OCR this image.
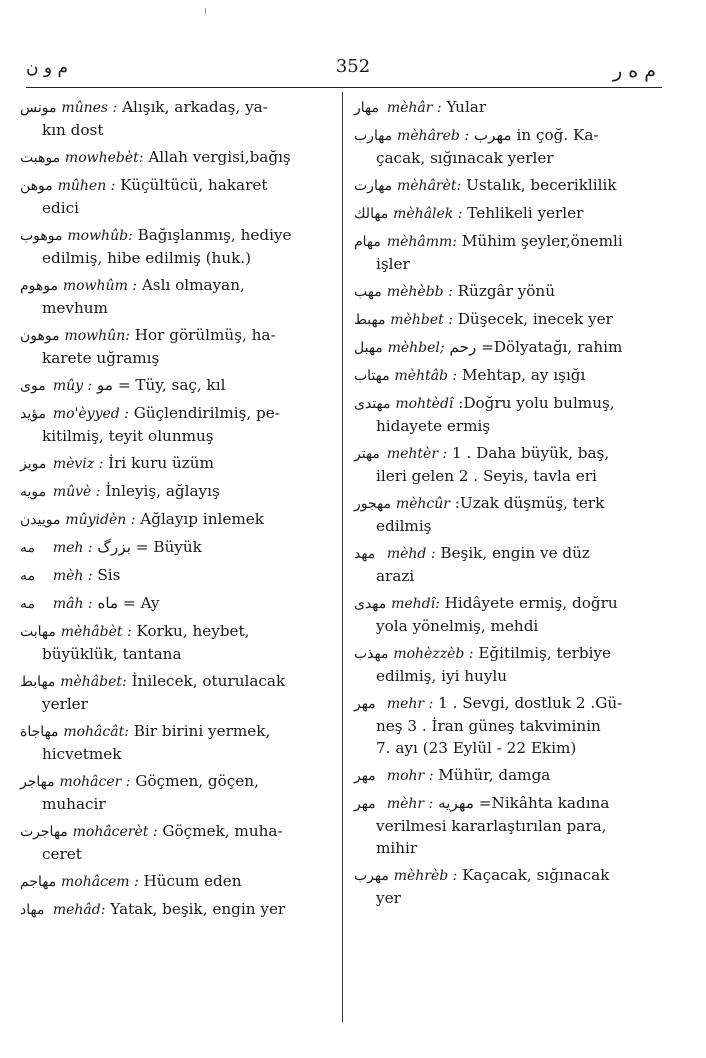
م و ن	352	م ه ر
مونس mûnes : Alışık, arkadaş, ya-
kın dost
موهبت mowhebèt: Allah vergisi,bağış
موهن mûhen : Küçültücü, hakaret
edici
موهوب mowhûb: Bağışlanmış, hediye
edilmiş, hibe edilmiş (huk.)
موهوم mowhûm : Aslı olmayan,
mevhum
موهون mowhûn: Hor görülmüş, ha-
karete uğramış
موی mûy : مو = Tüy, saç, kıl
مؤيد mo'èyyed : Güçlendirilmiş, pe-
kitilmiş, teyit olunmuş
مويز mèviz : İri kuru üzüm
مويه mûvè : İnleyiş, ağlayış
مويیدن mûyidèn : Ağlayıp inlemek
مه meh : بزرگ = Büyük
مه mèh : Sis
مه mâh : ماه = Ay
مهابت mèhâbèt : Korku, heybet,
büyüklük, tantana
مهابط mèhâbet: İnilecek, oturulacak
yerler
مهاجاة mohâcât: Bir birini yermek,
hicvetmek
مهاجر mohâcer : Göçmen, göçen,
muhacir
مهاجرت mohâcerèt : Göçmek, muha-
ceret
مهاجم mohâcem : Hücum eden
مهاد mehâd: Yatak, beşik, engin yer
مهار mèhâr : Yular
مهارب mèhâreb : مهرب in çoğ. Ka-
çacak, sığınacak yerler
مهارت mèhârèt: Ustalık, beceriklilik
مهالك mèhâlek : Tehlikeli yerler
مهام mèhâmm: Mühim şeyler,önemli
işler
مهب mèhèbb : Rüzgâr yönü
مهبط mèhbet : Düşecek, inecek yer
مهبل mèhbel; رحم =Dölyatağı, rahim
مهتاب mèhtâb : Mehtap, ay ışığı
مهتدی mohtèdî :Doğru yolu bulmuş,
hidayete ermiş
مهتر mehtèr : 1 . Daha büyük, baş,
ileri gelen 2 . Seyis, tavla eri
مهجور mèhcûr :Uzak düşmüş, terk
edilmiş
مهد mèhd : Beşik, engin ve düz
arazi
مهدی mehdî: Hidâyete ermiş, doğru
yola yönelmiş, mehdi
مهذب mohèzzèb : Eğitilmiş, terbiye
edilmiş, iyi huylu
مهر mehr : 1 . Sevgi, dostluk 2 .Gü-
neş 3 . İran güneş takviminin
7. ayı (23 Eylül - 22 Ekim)
مهر mohr : Mühür, damga
مهر mèhr : مهریه =Nikâhta kadına
verilmesi kararlaştırılan para,
mihir
مهرب mèhrèb : Kaçacak, sığınacak
yer
